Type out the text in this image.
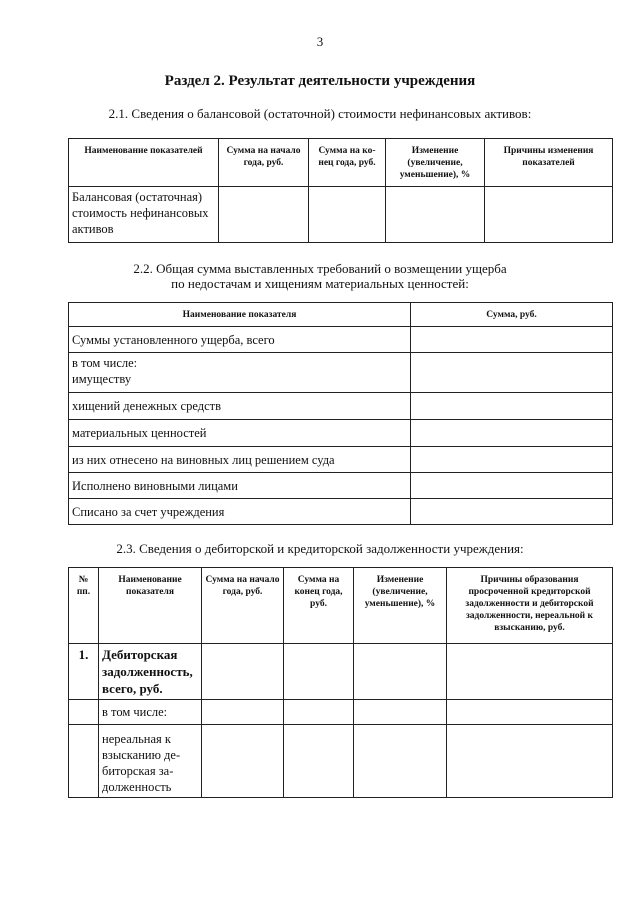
3
Раздел 2. Результат деятельности учреждения
2.1. Сведения о балансовой (остаточной) стоимости нефинансовых активов:
Наименование показателей	Сумма на начало года, руб.	Сумма на ко-нец года, руб.	Изменение (увеличение, уменьшение), %	Причины изменения показателей
Балансовая (остаточная) стоимость нефинансовых активов				
2.2. Общая сумма выставленных требований о возмещении ущерба
по недостачам и хищениям материальных ценностей:
Наименование показателя	Сумма, руб.
Суммы установленного ущерба, всего	
в том числе: имуществу	
хищений денежных средств	
материальных ценностей	
из них отнесено на виновных лиц решением суда	
Исполнено виновными лицами	
Списано за счет учреждения	
2.3. Сведения о дебиторской и кредиторской задолженности учреждения:
№ пп.	Наименование показателя	Сумма на начало года, руб.	Сумма на конец года, руб.	Изменение (увеличение, уменьшение), %	Причины образования просроченной кредиторской задолженности и дебиторской задолженности, нереальной к взысканию, руб.
1.	Дебиторская задолженность, всего, руб.				
	в том числе:				
	нереальная к взысканию де-биторская за-долженность				
